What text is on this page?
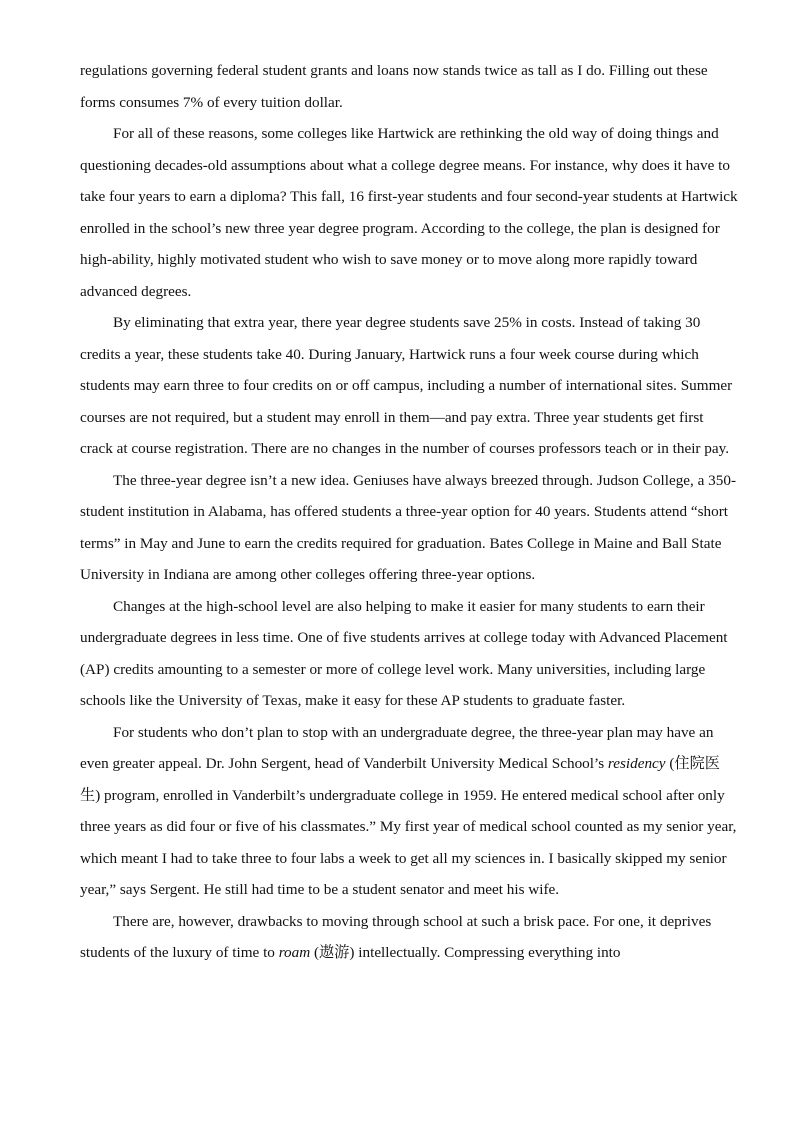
regulations governing federal student grants and loans now stands twice as tall as I do. Filling out these forms consumes 7% of every tuition dollar.

For all of these reasons, some colleges like Hartwick are rethinking the old way of doing things and questioning decades-old assumptions about what a college degree means. For instance, why does it have to take four years to earn a diploma? This fall, 16 first-year students and four second-year students at Hartwick enrolled in the school’s new three year degree program. According to the college, the plan is designed for high-ability, highly motivated student who wish to save money or to move along more rapidly toward advanced degrees.

By eliminating that extra year, there year degree students save 25% in costs. Instead of taking 30 credits a year, these students take 40. During January, Hartwick runs a four week course during which students may earn three to four credits on or off campus, including a number of international sites. Summer courses are not required, but a student may enroll in them—and pay extra. Three year students get first crack at course registration. There are no changes in the number of courses professors teach or in their pay.

The three-year degree isn’t a new idea. Geniuses have always breezed through. Judson College, a 350-student institution in Alabama, has offered students a three-year option for 40 years. Students attend “short terms” in May and June to earn the credits required for graduation. Bates College in Maine and Ball State University in Indiana are among other colleges offering three-year options.

Changes at the high-school level are also helping to make it easier for many students to earn their undergraduate degrees in less time. One of five students arrives at college today with Advanced Placement (AP) credits amounting to a semester or more of college level work. Many universities, including large schools like the University of Texas, make it easy for these AP students to graduate faster.

For students who don’t plan to stop with an undergraduate degree, the three-year plan may have an even greater appeal. Dr. John Sergent, head of Vanderbilt University Medical School’s residency (住院医生) program, enrolled in Vanderbilt’s undergraduate college in 1959. He entered medical school after only three years as did four or five of his classmates.” My first year of medical school counted as my senior year, which meant I had to take three to four labs a week to get all my sciences in. I basically skipped my senior year,” says Sergent. He still had time to be a student senator and meet his wife.

There are, however, drawbacks to moving through school at such a brisk pace. For one, it deprives students of the luxury of time to roam (遨游) intellectually. Compressing everything into
